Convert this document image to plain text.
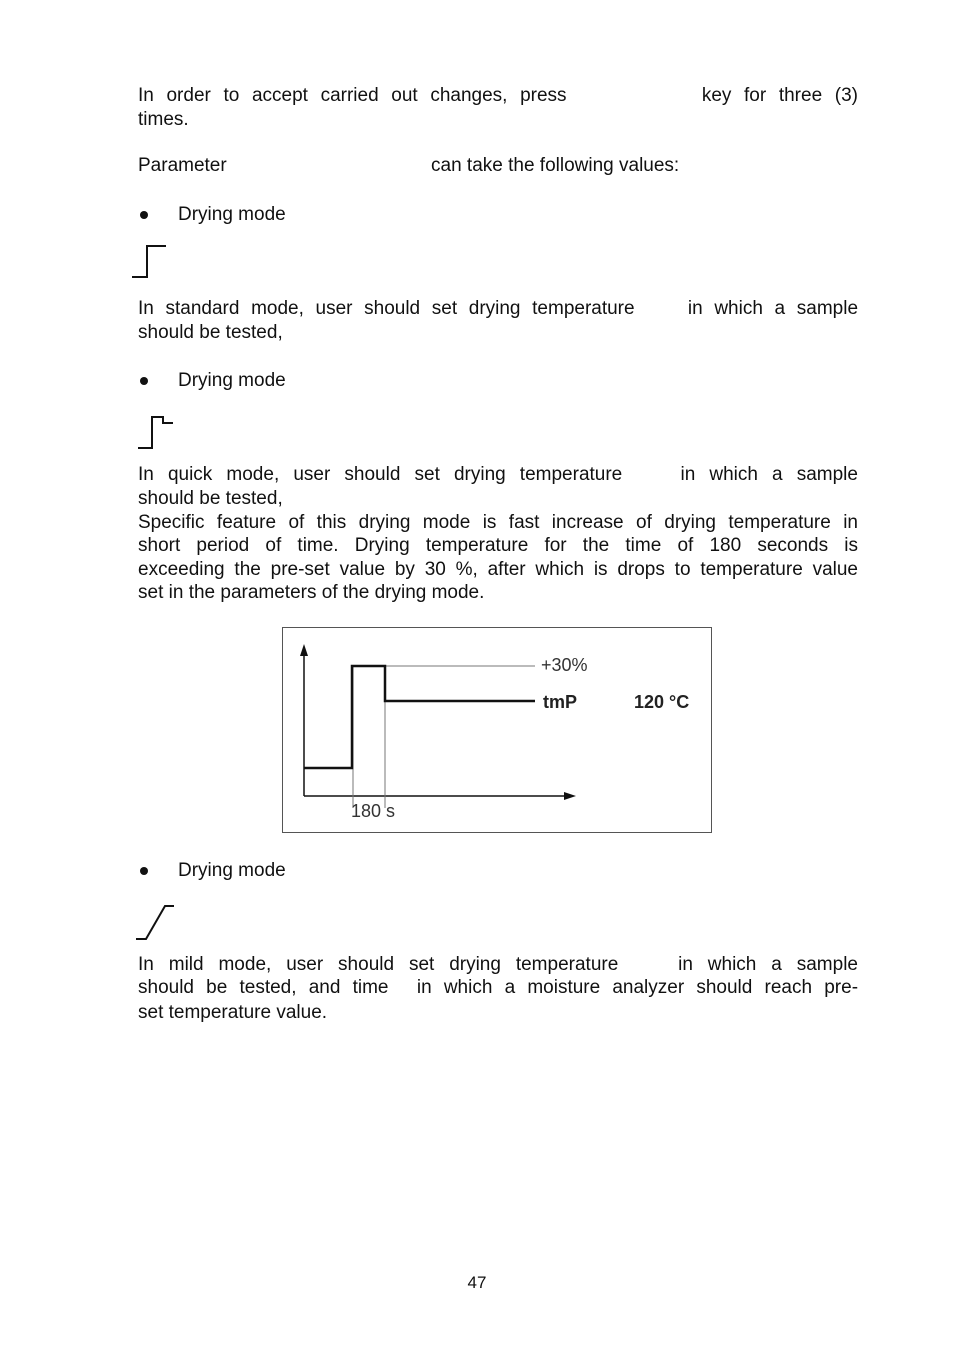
In order to accept carried out changes, press	key for three (3)
times.
Parameter	can take the following values:
Drying mode
In standard mode, user should set drying temperature	in which a sample
should be tested,
Drying mode
In quick mode, user should set drying temperature	in which a sample
should be tested,
Specific feature of this drying mode is fast increase of drying temperature in
short period of time. Drying temperature for the time of 180 seconds is
exceeding the pre-set value by 30 %, after which is drops to temperature value
set in the parameters of the drying mode.
+30%
tmP	120 °C
180 s
Drying mode
In mild mode, user should set drying temperature	in which a sample
should be tested, and time in which a moisture analyzer should reach pre-
set temperature value.
47
